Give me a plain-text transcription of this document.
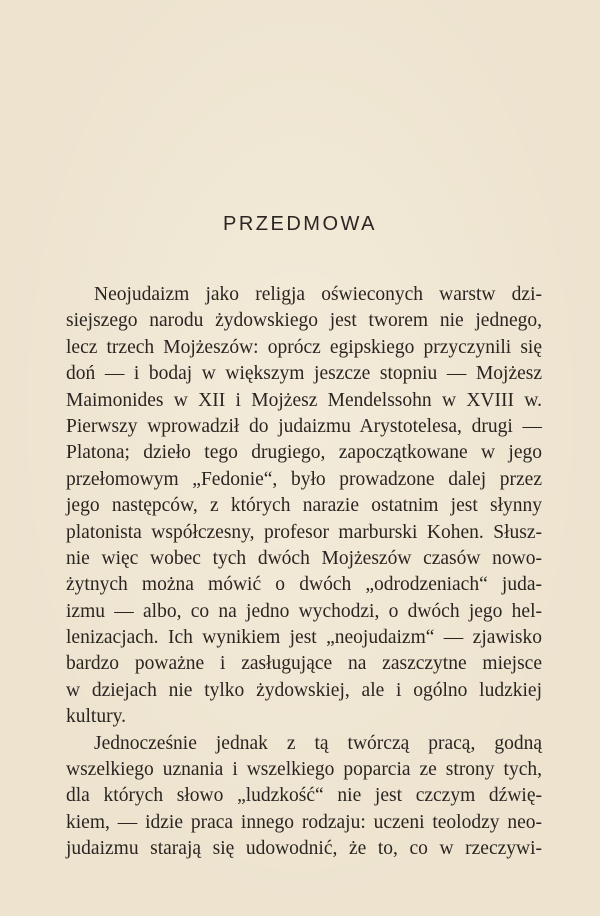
PRZEDMOWA
Neojudaizm jako religja oświeconych warstw dzi-
siejszego narodu żydowskiego jest tworem nie jednego,
lecz trzech Mojżeszów: oprócz egipskiego przyczynili się
doń — i bodaj w większym jeszcze stopniu — Mojżesz
Maimonides w XII i Mojżesz Mendelssohn w XVIII w.
Pierwszy wprowadził do judaizmu Arystotelesa, drugi —
Platona; dzieło tego drugiego, zapoczątkowane w jego
przełomowym „Fedonie“, było prowadzone dalej przez
jego następców, z których narazie ostatnim jest słynny
platonista współczesny, profesor marburski Kohen. Słusz-
nie więc wobec tych dwóch Mojżeszów czasów nowo-
żytnych można mówić o dwóch „odrodzeniach“ juda-
izmu — albo, co na jedno wychodzi, o dwóch jego hel-
lenizacjach. Ich wynikiem jest „neojudaizm“ — zjawisko
bardzo poważne i zasługujące na zaszczytne miejsce
w dziejach nie tylko żydowskiej, ale i ogólno ludzkiej
kultury.
Jednocześnie jednak z tą twórczą pracą, godną
wszelkiego uznania i wszelkiego poparcia ze strony tych,
dla których słowo „ludzkość“ nie jest czczym dźwię-
kiem, — idzie praca innego rodzaju: uczeni teolodzy neo-
judaizmu starają się udowodnić, że to, co w rzeczywi-
